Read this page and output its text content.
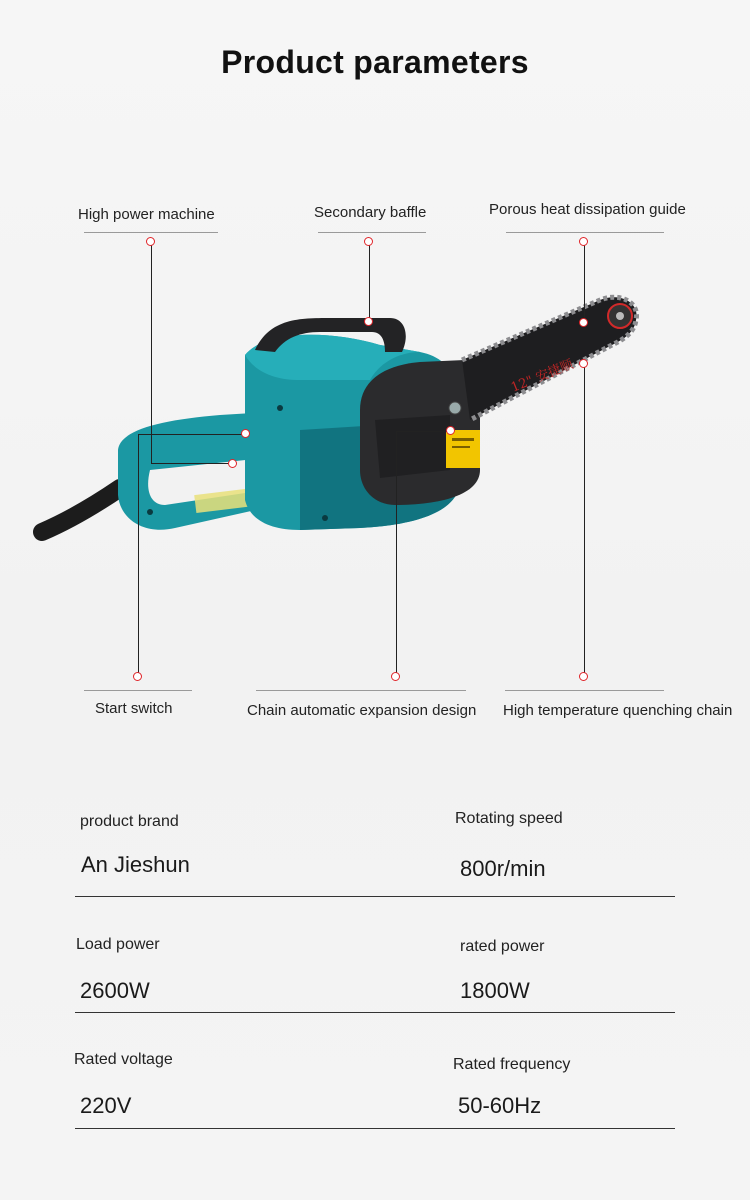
Product parameters
12" 安捷顺
High power machine	Secondary baffle	Porous heat dissipation guide
Start switch	Chain automatic expansion design High temperature quenching chain
product brand
An Jieshun
Rotating speed
800r/min
Load power
2600W
rated power
1800W
Rated voltage
220V
Rated frequency
50-60Hz
